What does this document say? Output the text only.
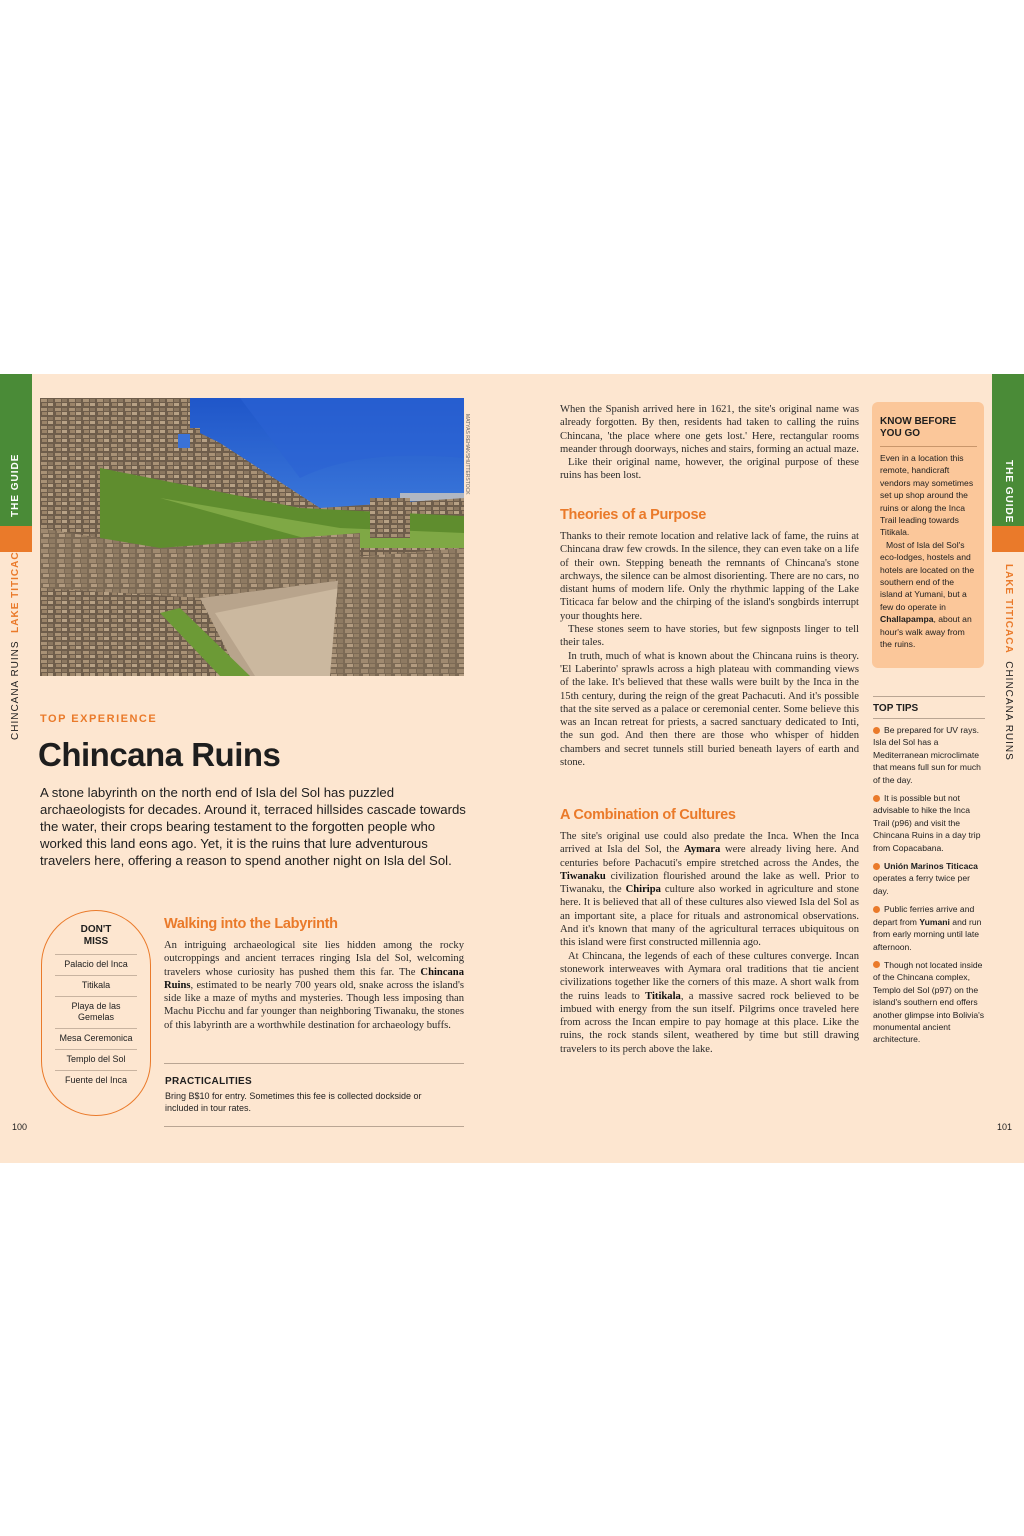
THE GUIDE
CHINCANA RUINS  LAKE TITICACA
THE GUIDE
LAKE TITICACA  CHINCANA RUINS
MATYAS REHAK/SHUTTERSTOCK
TOP EXPERIENCE
Chincana Ruins
A stone labyrinth on the north end of Isla del Sol has puzzled archaeologists for decades. Around it, terraced hillsides cascade towards the water, their crops bearing testament to the forgotten people who worked this land eons ago. Yet, it is the ruins that lure adventurous travelers here, offering a reason to spend another night on Isla del Sol.
DON'T
MISS
Palacio del Inca
Titikala
Playa de las Gemelas
Mesa Ceremonica
Templo del Sol
Fuente del Inca
Walking into the Labyrinth

An intriguing archaeological site lies hidden among the rocky outcroppings and ancient terraces ringing Isla del Sol, welcoming travelers whose curiosity has pushed them this far. The Chincana Ruins, estimated to be nearly 700 years old, snake across the island's side like a maze of myths and mysteries. Though less imposing than Machu Picchu and far younger than neighboring Tiwanaku, the stones of this labyrinth are a worthwhile destination for archaeology buffs.

PRACTICALITIES
Bring B$10 for entry. Sometimes this fee is collected dockside or included in tour rates.
100

When the Spanish arrived here in 1621, the site's original name was already forgotten. By then, residents had taken to calling the ruins Chincana, 'the place where one gets lost.' Here, rectangular rooms meander through doorways, niches and stairs, forming an actual maze.

Like their original name, however, the original purpose of these ruins has been lost.

Theories of a Purpose

Thanks to their remote location and relative lack of fame, the ruins at Chincana draw few crowds. In the silence, they can even take on a life of their own. Stepping beneath the remnants of Chincana's stone archways, the silence can be almost disorienting. There are no cars, no distant hums of modern life. Only the rhythmic lapping of the Lake Titicaca far below and the chirping of the island's songbirds interrupt your thoughts here.

These stones seem to have stories, but few signposts linger to tell their tales.

In truth, much of what is known about the Chincana ruins is theory. 'El Laberinto' sprawls across a high plateau with commanding views of the lake. It's believed that these walls were built by the Inca in the 15th century, during the reign of the great Pachacuti. And it's possible that the site served as a palace or ceremonial center. Some believe this was an Incan retreat for priests, a sacred sanctuary dedicated to Inti, the sun god. And then there are those who whisper of hidden chambers and secret tunnels still buried beneath layers of earth and stone.

A Combination of Cultures

The site's original use could also predate the Inca. When the Inca arrived at Isla del Sol, the Aymara were already living here. And centuries before Pachacuti's empire stretched across the Andes, the Tiwanaku civilization flourished around the lake as well. Prior to Tiwanaku, the Chiripa culture also worked in agriculture and stone here. It is believed that all of these cultures also viewed Isla del Sol as an important site, a place for rituals and astronomical observations. And it's known that many of the agricultural terraces ubiquitous on this island were first constructed millennia ago.

At Chincana, the legends of each of these cultures converge. Incan stonework interweaves with Aymara oral traditions that tie ancient civilizations together like the corners of this maze. A short walk from the ruins leads to Titikala, a massive sacred rock believed to be imbued with energy from the sun itself. Pilgrims once traveled here from across the Incan empire to pay homage at this place. Like the ruins, the rock stands silent, weathered by time but still drawing travelers to its perch above the lake.

KNOW BEFORE YOU GO

Even in a location this remote, handicraft vendors may sometimes set up shop around the ruins or along the Inca Trail leading towards Titikala.

Most of Isla del Sol's eco-lodges, hostels and hotels are located on the southern end of the island at Yumani, but a few do operate in Challapampa, about an hour's walk away from the ruins.

TOP TIPS
Be prepared for UV rays. Isla del Sol has a Mediterranean microclimate that means full sun for much of the day.
It is possible but not advisable to hike the Inca Trail (p96) and visit the Chincana Ruins in a day trip from Copacabana.
Unión Marinos Titicaca operates a ferry twice per day.
Public ferries arrive and depart from Yumani and run from early morning until late afternoon.
Though not located inside of the Chincana complex, Templo del Sol (p97) on the island's southern end offers another glimpse into Bolivia's monumental ancient architecture.
101
